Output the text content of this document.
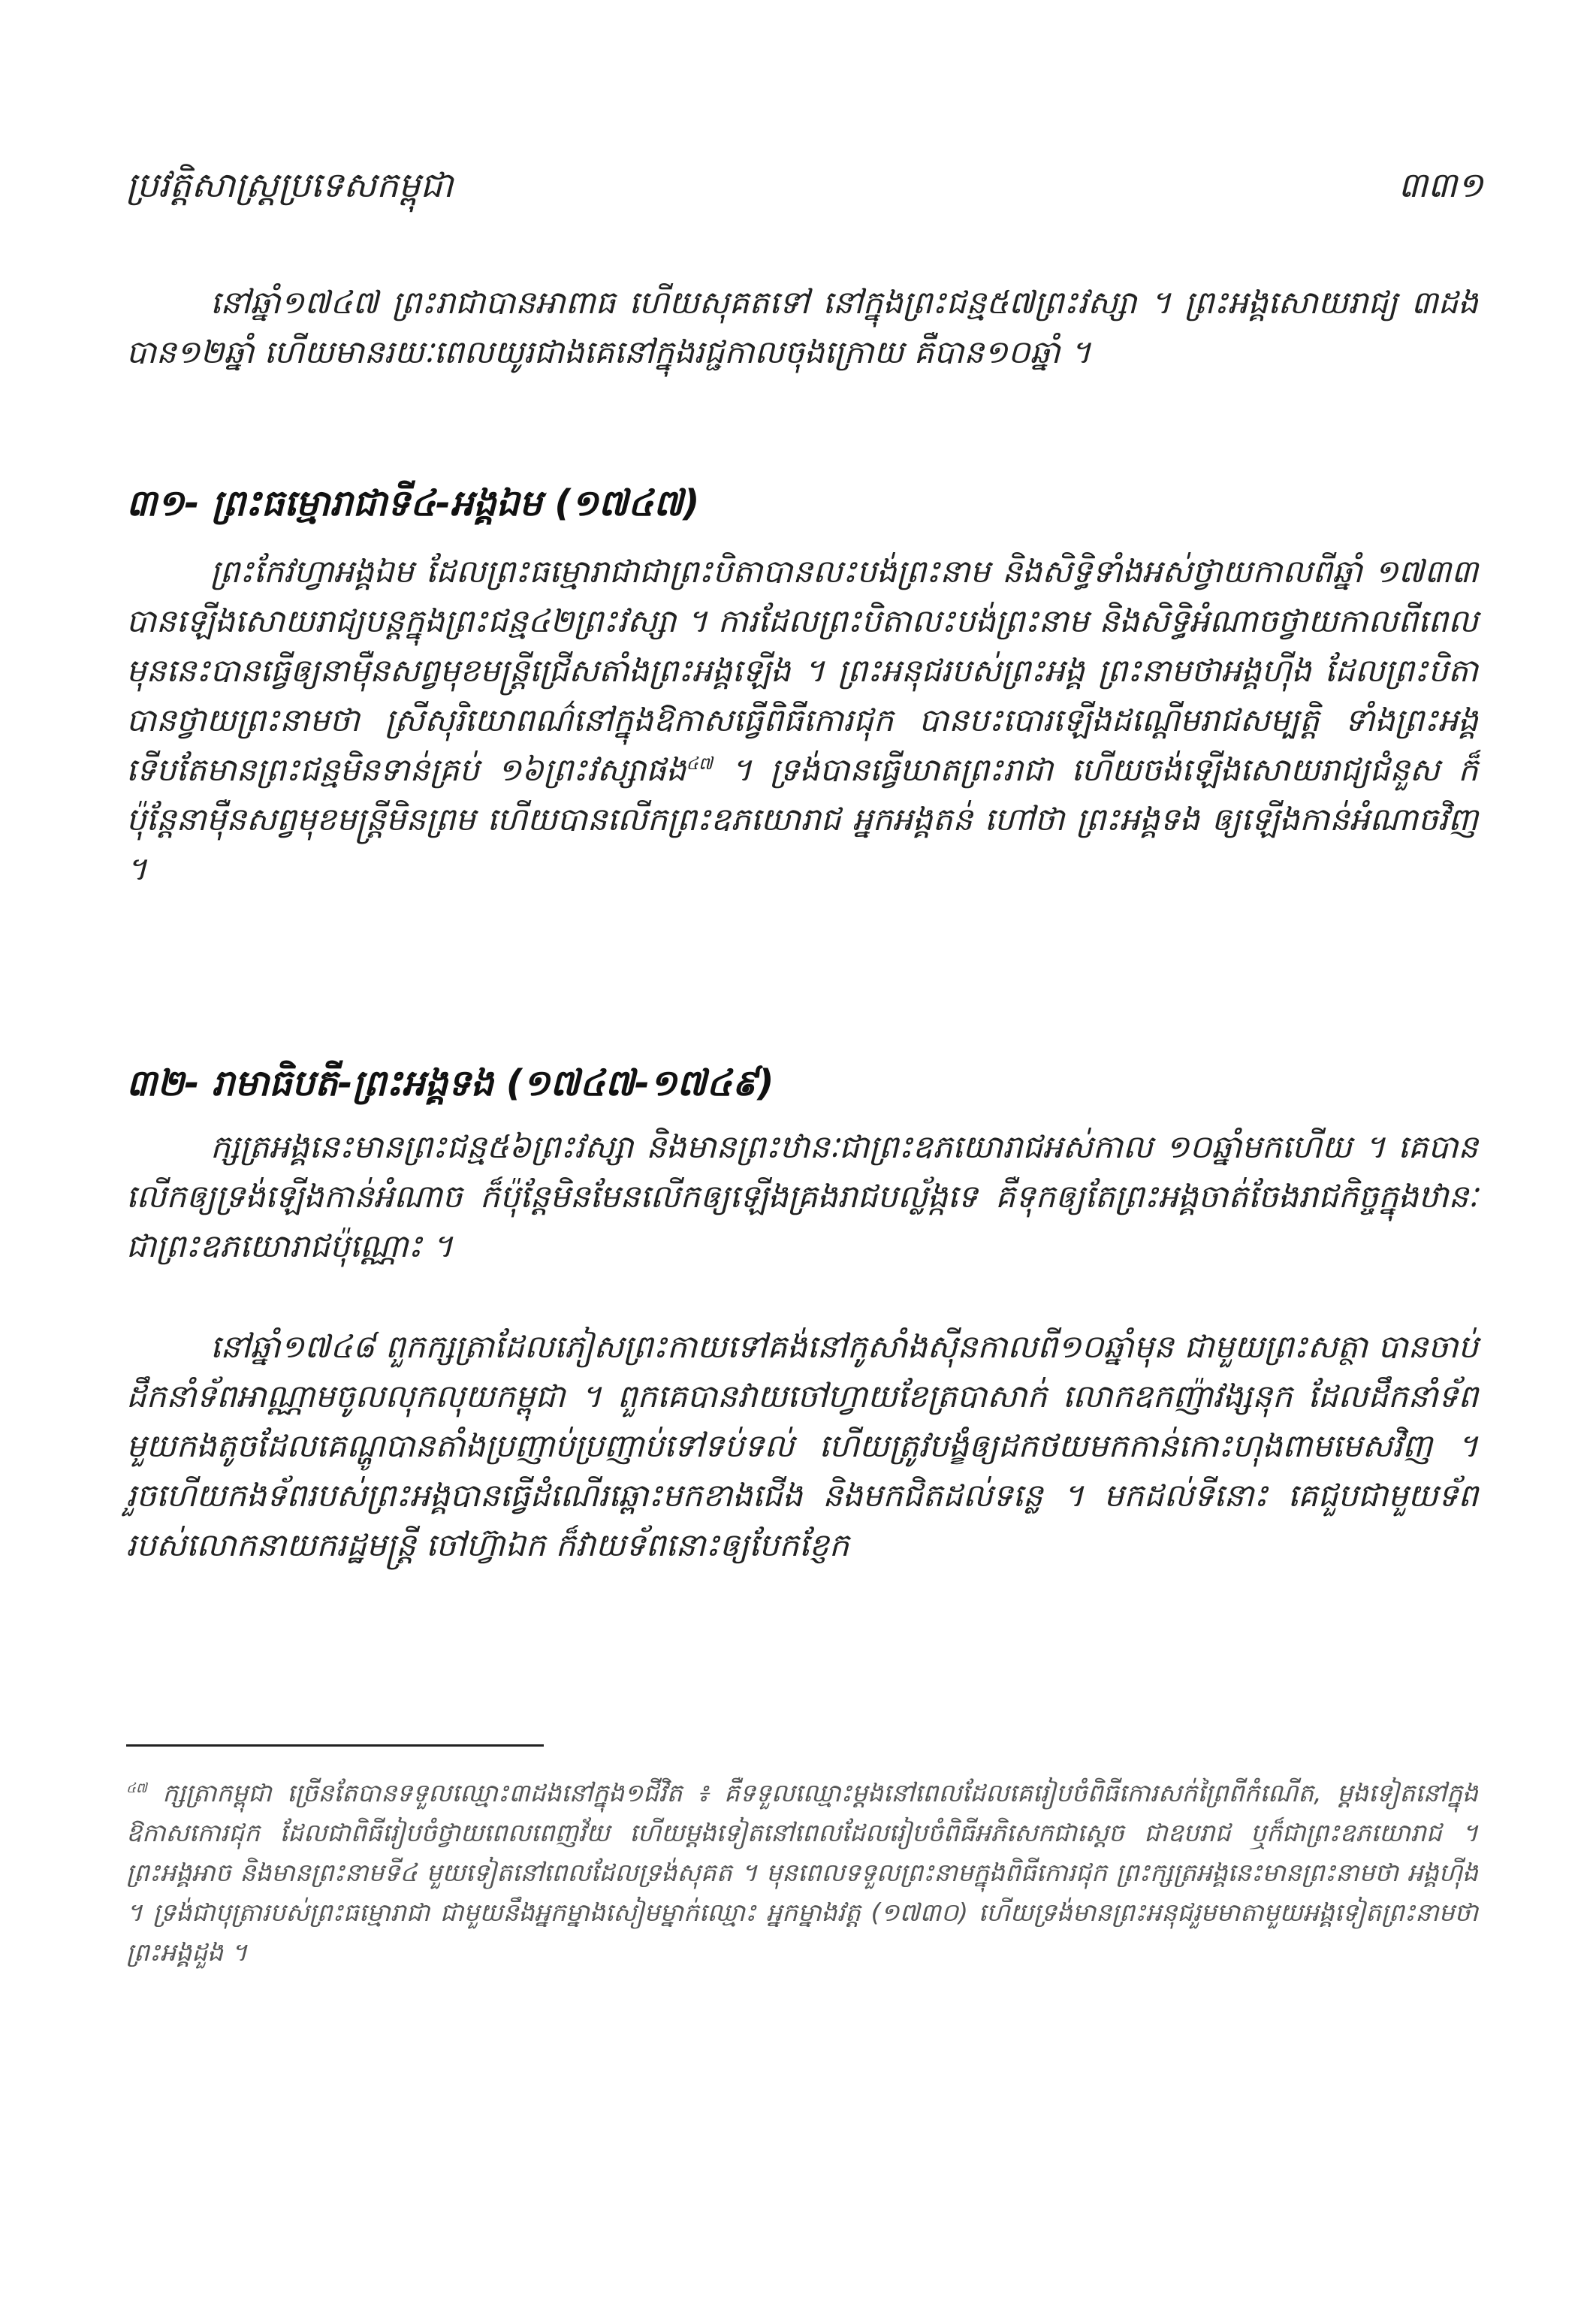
ប្រវត្តិសាស្ត្រប្រទេសកម្ពុជា	៣៣១

នៅឆ្នាំ១៧៤៧ ព្រះរាជាបានអាពាធ ហើយសុគតទៅ នៅក្នុងព្រះជន្ម៥៧ព្រះវស្សា ។ ព្រះអង្គសោយរាជ្យ ៣ដង បាន១២ឆ្នាំ ហើយមានរយៈពេលយូរជាងគេនៅក្នុងរជ្ជកាលចុងក្រោយ គឺបាន១០ឆ្នាំ ។

៣១- ព្រះធម្មោរាជាទី៤-អង្គឯម (១៧៤៧)

ព្រះកែវហ្វាអង្គឯម ដែលព្រះធម្មោរាជាជាព្រះបិតាបានលះបង់ព្រះនាម និងសិទ្ធិទាំងអស់ថ្វាយកាលពីឆ្នាំ ១៧៣៣ បានឡើងសោយរាជ្យបន្តក្នុងព្រះជន្ម៤២ព្រះវស្សា ។ ការដែលព្រះបិតាលះបង់ព្រះនាម និងសិទ្ធិអំណាចថ្វាយកាលពីពេលមុននេះបានធ្វើឲ្យនាម៉ឺនសព្វមុខមន្ត្រីជ្រើសតាំងព្រះអង្គឡើង ។ ព្រះអនុជរបស់ព្រះអង្គ ព្រះនាមថាអង្គហ៊ីង ដែលព្រះបិតាបានថ្វាយព្រះនាមថា ស្រីសុរិយោពណ៌នៅក្នុងឱកាសធ្វើពិធីកោរជុក បានបះបោរឡើងដណ្តើមរាជសម្បត្តិ ទាំងព្រះអង្គទើបតែមានព្រះជន្មមិនទាន់គ្រប់ ១៦ព្រះវស្សាផង$^{៤៧}$ ។ ទ្រង់បានធ្វើឃាតព្រះរាជា ហើយចង់ឡើងសោយរាជ្យជំនួស ក៏ប៉ុន្តែនាម៉ឺនសព្វមុខមន្ត្រីមិនព្រម ហើយបានលើកព្រះឧភយោរាជ អ្នកអង្គតន់ ហៅថា ព្រះអង្គទង ឲ្យឡើងកាន់អំណាចវិញ ។

៣២- រាមាធិបតី-ព្រះអង្គទង (១៧៤៧-១៧៤៩)

ក្សត្រអង្គនេះមានព្រះជន្ម៥៦ព្រះវស្សា និងមានព្រះឋានៈជាព្រះឧភយោរាជអស់កាល ១០ឆ្នាំមកហើយ ។ គេបានលើកឲ្យទ្រង់ឡើងកាន់អំណាច ក៏ប៉ុន្តែមិនមែនលើកឲ្យឡើងគ្រងរាជបល្ល័ង្កទេ គឺទុកឲ្យតែព្រះអង្គចាត់ចែងរាជកិច្ចក្នុងឋានៈជាព្រះឧភយោរាជប៉ុណ្ណោះ ។

នៅឆ្នាំ១៧៤៨ ពួកក្សត្រាដែលភៀសព្រះកាយទៅគង់នៅកូសាំងស៊ីនកាលពី១០ឆ្នាំមុន ជាមួយព្រះសត្ថា បានចាប់ដឹកនាំទ័ពអាណ្ណាមចូលលុកលុយកម្ពុជា ។ ពួកគេបានវាយចៅហ្វាយខែត្របាសាក់ លោកឧកញ៉ាវង្សនុក ដែលដឹកនាំទ័ពមួយកងតូចដែលគេណ្ហូបានតាំងប្រញាប់ប្រញាប់ទៅទប់ទល់ ហើយត្រូវបង្ខំឲ្យដកថយមកកាន់កោះហុងពាមមេសវិញ ។ រួចហើយកងទ័ពរបស់ព្រះអង្គបានធ្វើដំណើរឆ្ពោះមកខាងជើង និងមកជិតដល់ទន្លេ ។ មកដល់ទីនោះ គេជួបជាមួយទ័ពរបស់លោកនាយករដ្ឋមន្ត្រី ចៅហ៊្វាឯក ក៏វាយទ័ពនោះឲ្យបែកខ្ញែក

$^{៤៧}$ ក្សត្រាកម្ពុជា ច្រើនតែបានទទួលឈ្មោះ៣ដងនៅក្នុង១ជីវិត ៖ គឺទទួលឈ្មោះម្តងនៅពេលដែលគេរៀបចំពិធីកោរសក់ព្រៃពីកំណើត, ម្តងទៀតនៅក្នុងឱកាសកោរជុក ដែលជាពិធីរៀបចំថ្វាយពេលពេញវ័យ ហើយម្តងទៀតនៅពេលដែលរៀបចំពិធីអភិសេកជាស្តេច ជាឧបរាជ ឬក៏ជាព្រះឧភយោរាជ ។ ព្រះអង្គអាច និងមានព្រះនាមទី៤ មួយទៀតនៅពេលដែលទ្រង់សុគត ។ មុនពេលទទួលព្រះនាមក្នុងពិធីកោរជុក ព្រះក្សត្រអង្គនេះមានព្រះនាមថា អង្គហ៊ីង ។ ទ្រង់ជាបុត្រារបស់ព្រះធម្មោរាជា ជាមួយនឹងអ្នកម្នាងសៀមម្នាក់ឈ្មោះ អ្នកម្នាងវត្ត (១៧៣០) ហើយទ្រង់មានព្រះអនុជរួមមាតាមួយអង្គទៀតព្រះនាមថា ព្រះអង្គដួង ។
